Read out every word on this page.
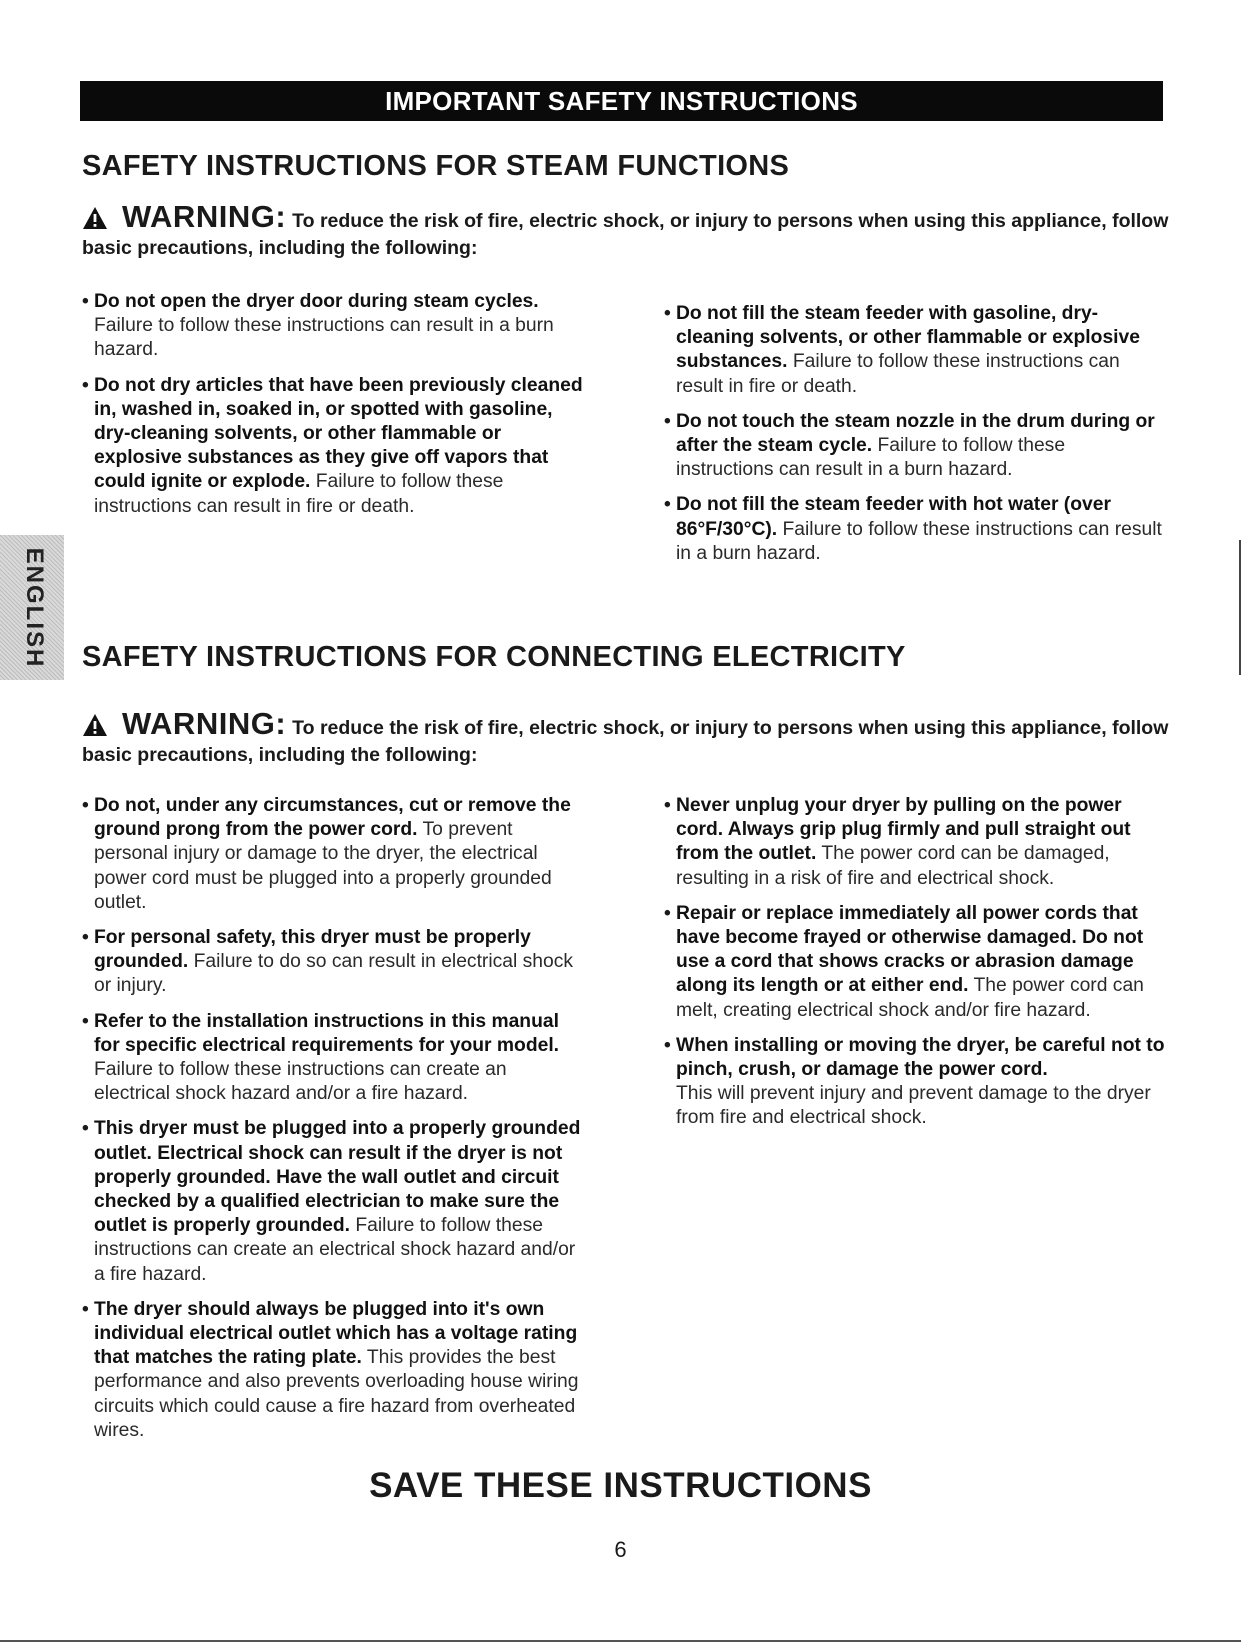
IMPORTANT SAFETY INSTRUCTIONS
ENGLISH
SAFETY INSTRUCTIONS FOR STEAM FUNCTIONS
WARNING: To reduce the risk of fire, electric shock, or injury to persons when using this appliance, follow basic precautions, including the following:
• Do not open the dryer door during steam cycles.
Failure to follow these instructions can result in a burn hazard.
• Do not dry articles that have been previously cleaned in, washed in, soaked in, or spotted with gasoline, dry-cleaning solvents, or other flammable or explosive substances as they give off vapors that could ignite or explode. Failure to follow these instructions can result in fire or death.
• Do not fill the steam feeder with gasoline, dry-cleaning solvents, or other flammable or explosive substances. Failure to follow these instructions can result in fire or death.
• Do not touch the steam nozzle in the drum during or after the steam cycle. Failure to follow these instructions can result in a burn hazard.
• Do not fill the steam feeder with hot water (over 86°F/30°C). Failure to follow these instructions can result in a burn hazard.
SAFETY INSTRUCTIONS FOR CONNECTING ELECTRICITY
WARNING: To reduce the risk of fire, electric shock, or injury to persons when using this appliance, follow basic precautions, including the following:
• Do not, under any circumstances, cut or remove the ground prong from the power cord. To prevent personal injury or damage to the dryer, the electrical power cord must be plugged into a properly grounded outlet.
• For personal safety, this dryer must be properly grounded. Failure to do so can result in electrical shock or injury.
• Refer to the installation instructions in this manual for specific electrical requirements for your model. Failure to follow these instructions can create an electrical shock hazard and/or a fire hazard.
• This dryer must be plugged into a properly grounded outlet. Electrical shock can result if the dryer is not properly grounded. Have the wall outlet and circuit checked by a qualified electrician to make sure the outlet is properly grounded. Failure to follow these instructions can create an electrical shock hazard and/or a fire hazard.
• The dryer should always be plugged into it's own individual electrical outlet which has a voltage rating that matches the rating plate. This provides the best performance and also prevents overloading house wiring circuits which could cause a fire hazard from overheated wires.
• Never unplug your dryer by pulling on the power cord. Always grip plug firmly and pull straight out from the outlet. The power cord can be damaged, resulting in a risk of fire and electrical shock.
• Repair or replace immediately all power cords that have become frayed or otherwise damaged. Do not use a cord that shows cracks or abrasion damage along its length or at either end. The power cord can melt, creating electrical shock and/or fire hazard.
• When installing or moving the dryer, be careful not to pinch, crush, or damage the power cord.
This will prevent injury and prevent damage to the dryer from fire and electrical shock.
SAVE THESE INSTRUCTIONS
6
